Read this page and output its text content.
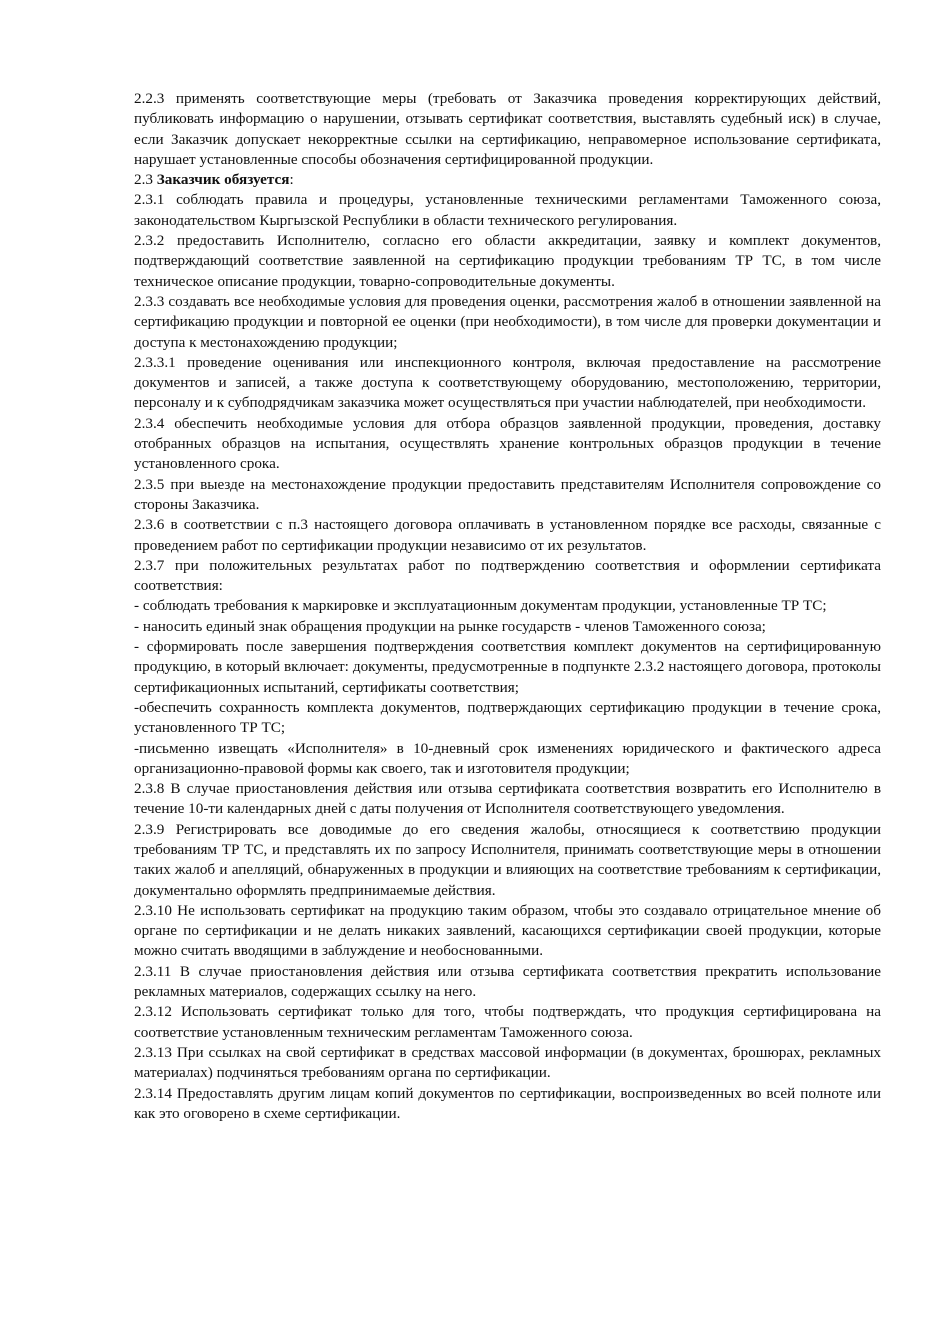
2.2.3 применять соответствующие меры (требовать от Заказчика проведения корректирующих действий, публиковать информацию о нарушении, отзывать сертификат соответствия, выставлять судебный иск) в случае, если Заказчик допускает некорректные ссылки на сертификацию, неправомерное использование сертификата, нарушает установленные способы обозначения сертифицированной продукции.

2.3 Заказчик обязуется:

2.3.1 соблюдать правила и процедуры, установленные техническими регламентами Таможенного союза, законодательством Кыргызской Республики в области технического регулирования.

2.3.2 предоставить Исполнителю, согласно его области аккредитации, заявку и комплект документов, подтверждающий соответствие заявленной на сертификацию продукции требованиям ТР ТС, в том числе техническое описание продукции, товарно-сопроводительные документы.

2.3.3 создавать все необходимые условия для проведения оценки, рассмотрения жалоб в отношении заявленной на сертификацию продукции и повторной ее оценки (при необходимости), в том числе для проверки документации и доступа к местонахождению продукции;

2.3.3.1 проведение оценивания или инспекционного контроля, включая предоставление на рассмотрение документов и записей, а также доступа к соответствующему оборудованию, местоположению, территории, персоналу и к субподрядчикам заказчика может осуществляться при участии наблюдателей, при необходимости.

2.3.4 обеспечить необходимые условия для отбора образцов заявленной продукции, проведения, доставку отобранных образцов на испытания, осуществлять хранение контрольных образцов продукции в течение установленного срока.

2.3.5 при выезде на местонахождение продукции предоставить представителям Исполнителя сопровождение со стороны Заказчика.

2.3.6 в соответствии с п.3 настоящего договора оплачивать в установленном порядке все расходы, связанные с проведением работ по сертификации продукции независимо от их результатов.

2.3.7 при положительных результатах работ по подтверждению соответствия и оформлении сертификата соответствия:

- соблюдать требования к маркировке и эксплуатационным документам продукции, установленные ТР ТС;

- наносить единый знак обращения продукции на рынке государств - членов Таможенного союза;

- сформировать после завершения подтверждения соответствия комплект документов на сертифицированную продукцию, в который включает: документы, предусмотренные в подпункте 2.3.2 настоящего договора, протоколы сертификационных испытаний, сертификаты соответствия;

-обеспечить сохранность комплекта документов, подтверждающих сертификацию продукции в течение срока, установленного ТР ТС;

-письменно извещать «Исполнителя» в 10-дневный срок изменениях юридического и фактического адреса организационно-правовой формы как своего, так и изготовителя продукции;

2.3.8 В случае приостановления действия или отзыва сертификата соответствия возвратить его Исполнителю в течение 10-ти календарных дней с даты получения от Исполнителя соответствующего уведомления.

2.3.9 Регистрировать все доводимые до его сведения жалобы, относящиеся к соответствию продукции требованиям ТР ТС, и представлять их по запросу Исполнителя, принимать соответствующие меры в отношении таких жалоб и апелляций, обнаруженных в продукции и влияющих на соответствие требованиям к сертификации, документально оформлять предпринимаемые действия.

2.3.10 Не использовать сертификат на продукцию таким образом, чтобы это создавало отрицательное мнение об органе по сертификации и не делать никаких заявлений, касающихся сертификации своей продукции, которые можно считать вводящими в заблуждение и необоснованными.

2.3.11 В случае приостановления действия или отзыва сертификата соответствия прекратить использование рекламных материалов, содержащих ссылку на него.

2.3.12 Использовать сертификат только для того, чтобы подтверждать, что продукция сертифицирована на соответствие установленным техническим регламентам Таможенного союза.

2.3.13 При ссылках на свой сертификат в средствах массовой информации (в документах, брошюрах, рекламных материалах) подчиняться требованиям органа по сертификации.

2.3.14 Предоставлять другим лицам копий документов по сертификации, воспроизведенных во всей полноте или как это оговорено в схеме сертификации.
